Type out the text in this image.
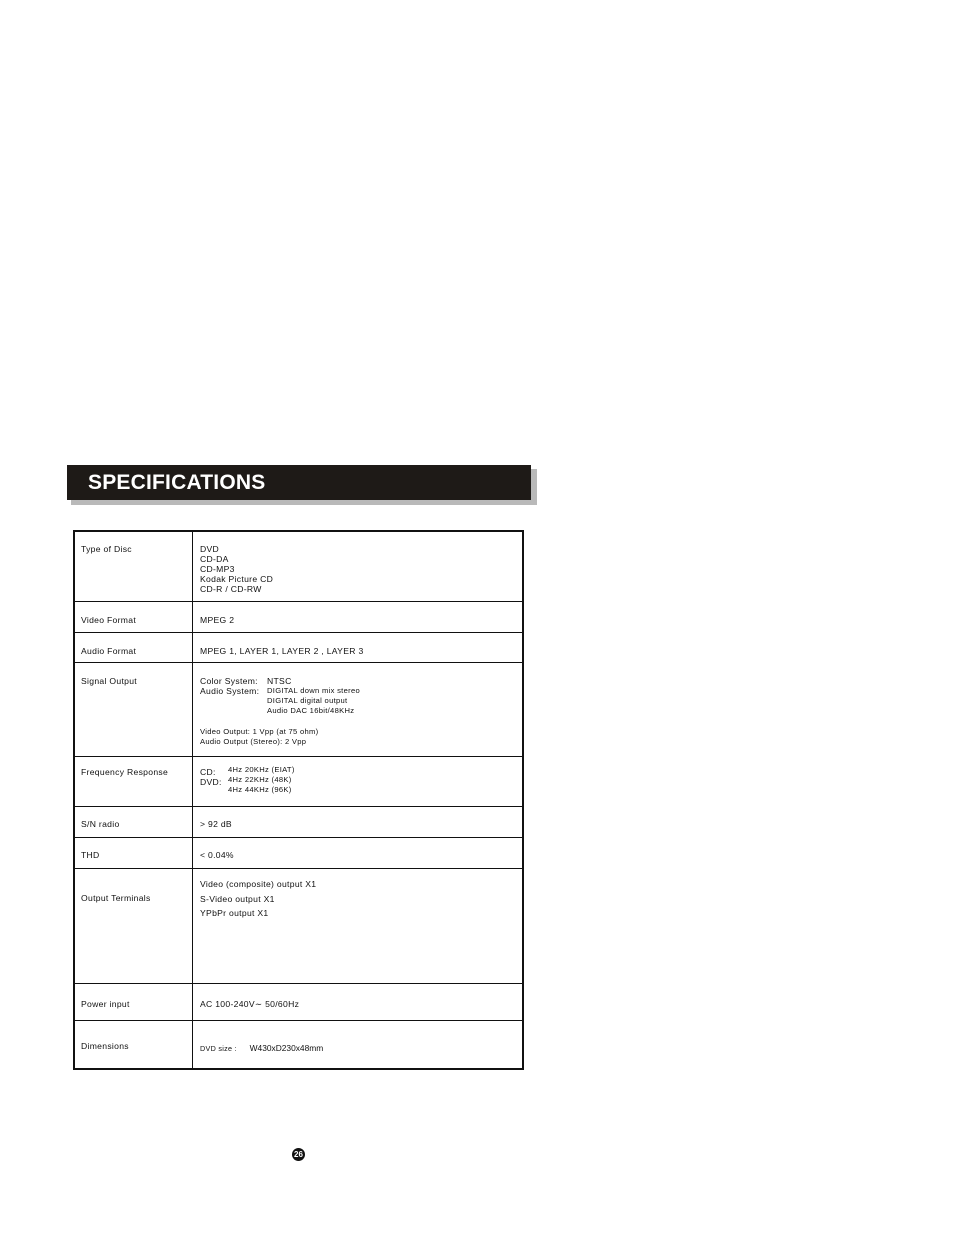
SPECIFICATIONS
Type of Disc	DVD
CD-DA
CD-MP3
Kodak Picture CD
CD-R / CD-RW
Video Format	MPEG 2
Audio Format	MPEG 1, LAYER 1, LAYER 2 , LAYER 3
Signal Output	Color System: NTSC
Audio System: DIGITAL down mix stereo
DIGITAL digital output
Audio DAC 16bit/48KHz
Video Output: 1 Vpp (at 75 ohm)
Audio Output (Stereo): 2 Vpp
Frequency Response	CD: 4Hz 20KHz (EIAT)
DVD: 4Hz 22KHz (48K)
4Hz 44KHz (96K)
S/N radio	> 92 dB
THD	< 0.04%
Output Terminals
Video (composite) output X1
S-Video output X1
YPbPr output X1
Power input	AC 100-240V∼ 50/60Hz
Dimensions	DVD size : W430xD230x48mm
26
